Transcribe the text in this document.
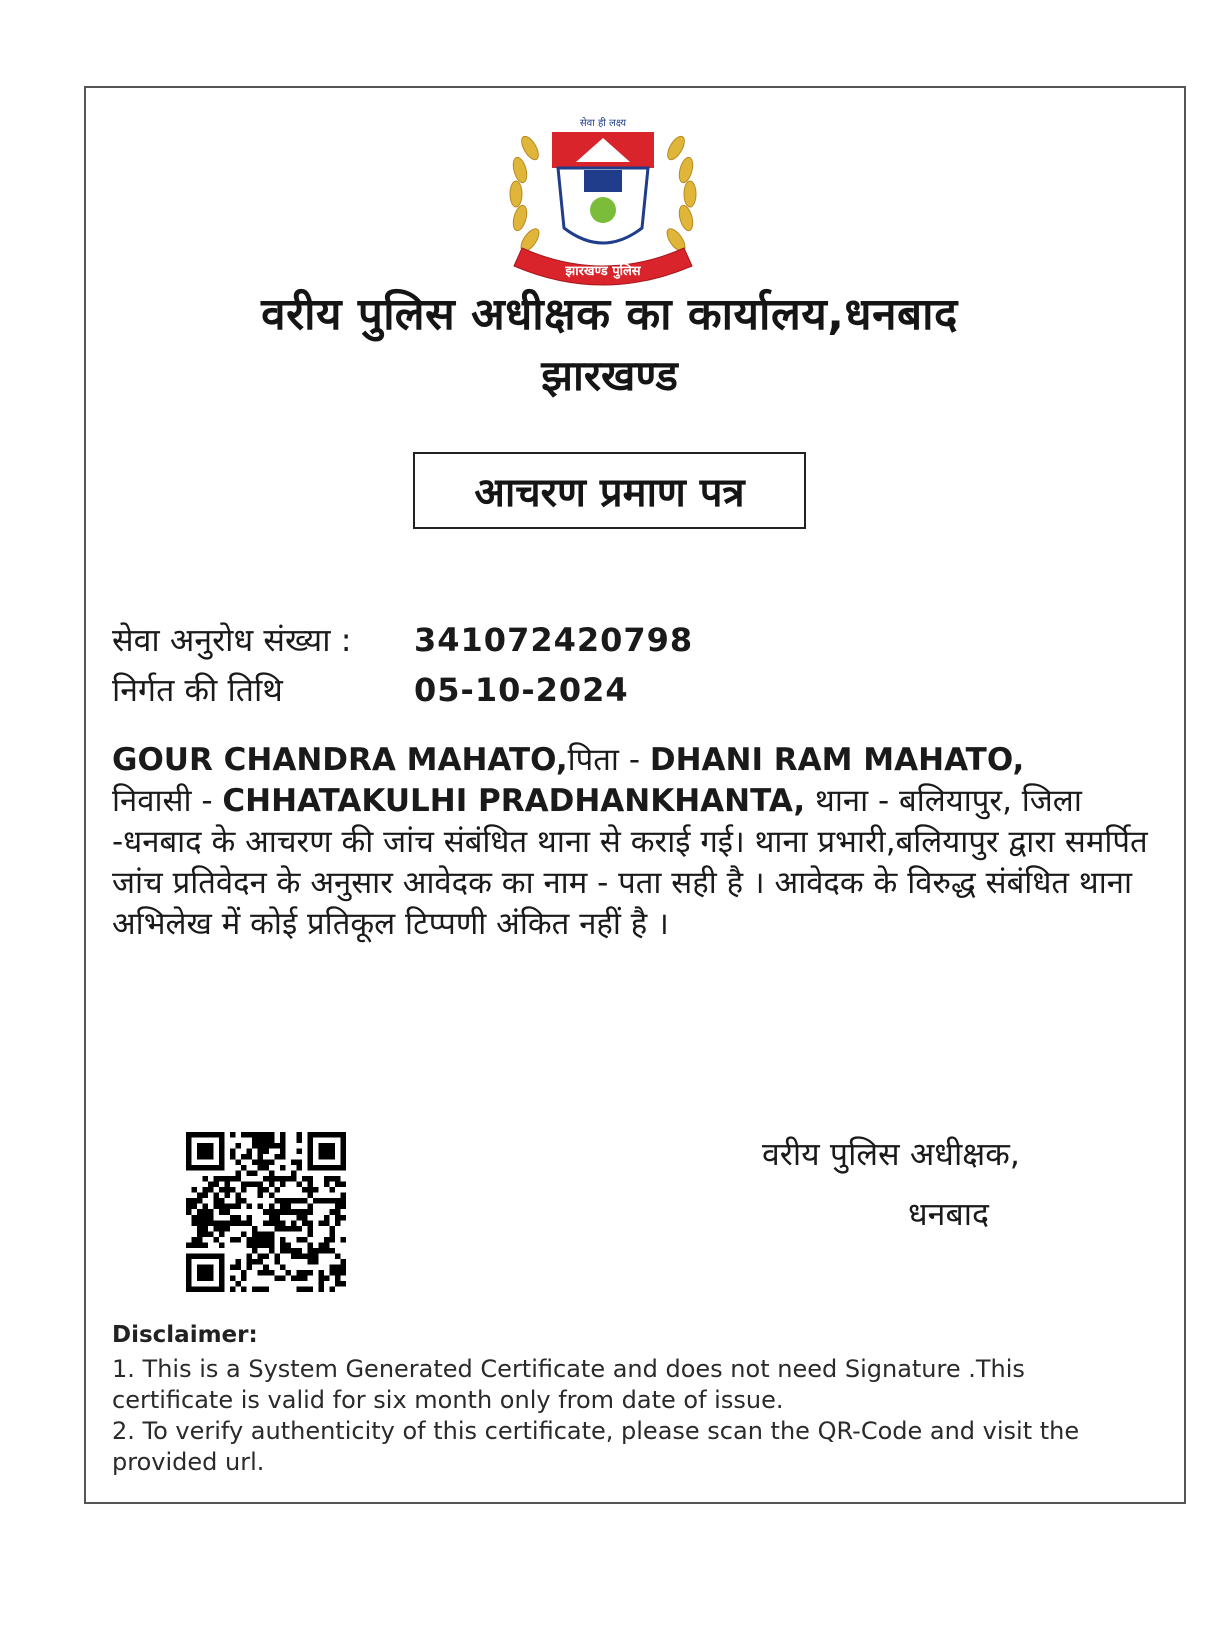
सेवा ही लक्ष्य
झारखण्ड पुलिस
वरीय पुलिस अधीक्षक का कार्यालय,धनबाद
झारखण्ड
आचरण प्रमाण पत्र
सेवा अनुरोध संख्या : 341072420798
निर्गत की तिथि	05-10-2024
GOUR CHANDRA MAHATO,पिता - DHANI RAM MAHATO,
निवासी - CHHATAKULHI PRADHANKHANTA, थाना - बलियापुर, जिला -धनबाद के आचरण की जांच संबंधित थाना से कराई गई। थाना प्रभारी,बलियापुर द्वारा समर्पित जांच प्रतिवेदन के अनुसार आवेदक का नाम - पता सही है । आवेदक के विरुद्ध संबंधित थाना अभिलेख में कोई प्रतिकूल टिप्पणी अंकित नहीं है ।
वरीय पुलिस अधीक्षक,
धनबाद
Disclaimer:
1. This is a System Generated Certificate and does not need Signature .This certificate is valid for six month only from date of issue.
2. To verify authenticity of this certificate, please scan the QR-Code and visit the provided url.
